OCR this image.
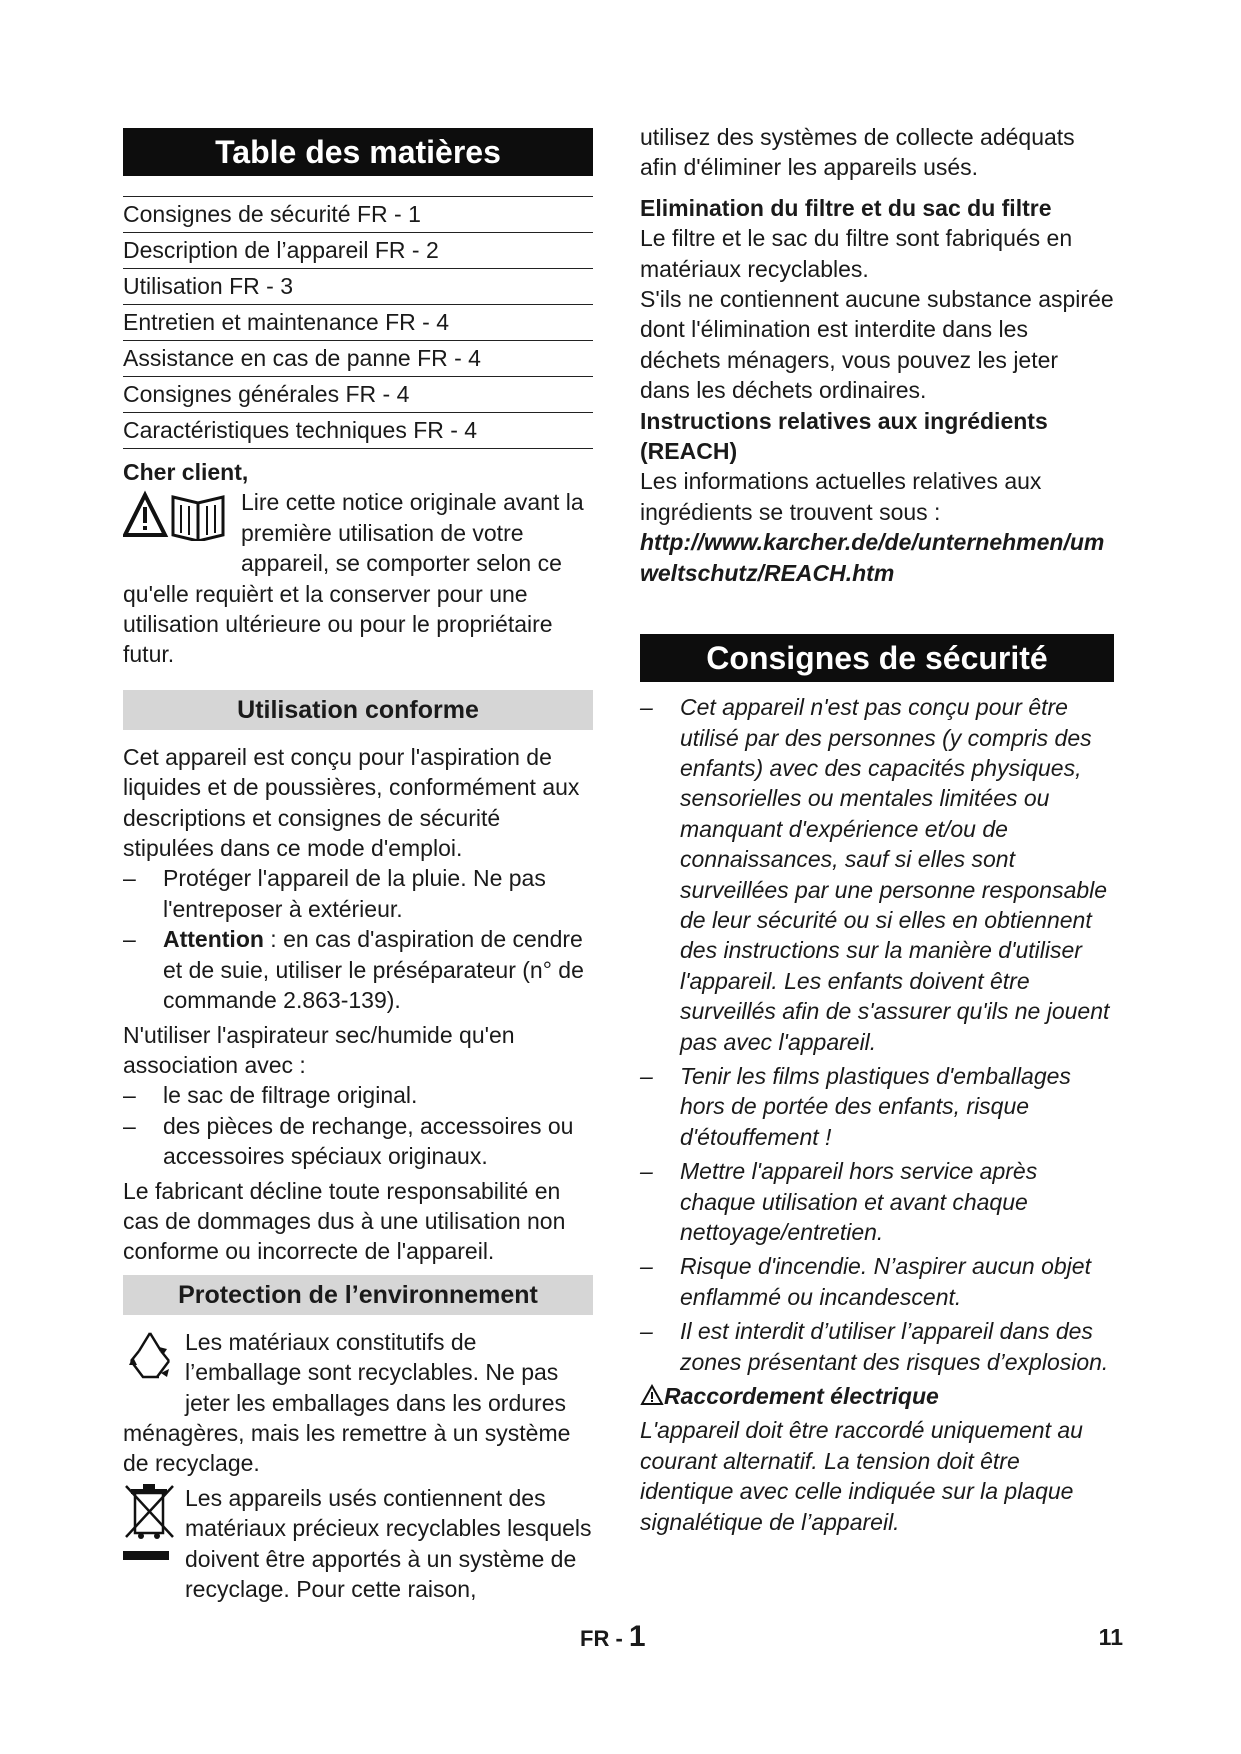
Table des matières
Consignes de sécurité FR - 1
Description de l’appareil FR - 2
Utilisation FR - 3
Entretien et maintenance FR - 4
Assistance en cas de panne FR - 4
Consignes générales FR - 4
Caractéristiques techniques FR - 4

Cher client,

Lire cette notice originale avant la première utilisation de votre appareil, se comporter selon ce qu'elle requièrt et la conserver pour une utilisation ultérieure ou pour le propriétaire futur.
Utilisation conforme

Cet appareil est conçu pour l'aspiration de liquides et de poussières, conformément aux descriptions et consignes de sécurité stipulées dans ce mode d'emploi.

– Protéger l'appareil de la pluie. Ne pas l'entreposer à extérieur.
– Attention : en cas d'aspiration de cendre et de suie, utiliser le préséparateur (n° de commande 2.863-139).

N'utiliser l'aspirateur sec/humide qu'en association avec :

– le sac de filtrage original.
– des pièces de rechange, accessoires ou accessoires spéciaux originaux.

Le fabricant décline toute responsabilité en cas de dommages dus à une utilisation non conforme ou incorrecte de l'appareil.

Protection de l’environnement
Les matériaux constitutifs de l’emballage sont recyclables. Ne pas jeter les emballages dans les ordures ménagères, mais les remettre à un système de recyclage.
Les appareils usés contiennent des matériaux précieux recyclables lesquels doivent être apportés à un système de recyclage. Pour cette raison,

utilisez des systèmes de collecte adéquats afin d'éliminer les appareils usés.

Elimination du filtre et du sac du filtre

Le filtre et le sac du filtre sont fabriqués en matériaux recyclables.

S'ils ne contiennent aucune substance aspirée dont l'élimination est interdite dans les déchets ménagers, vous pouvez les jeter dans les déchets ordinaires.

Instructions relatives aux ingrédients (REACH)

Les informations actuelles relatives aux ingrédients se trouvent sous :

http://www.karcher.de/de/unternehmen/umweltschutz/REACH.htm

Consignes de sécurité
– Cet appareil n'est pas conçu pour être utilisé par des personnes (y compris des enfants) avec des capacités physiques, sensorielles ou mentales limitées ou manquant d'expérience et/ou de connaissances, sauf si elles sont surveillées par une personne responsable de leur sécurité ou si elles en obtiennent des instructions sur la manière d'utiliser l'appareil. Les enfants doivent être surveillés afin de s'assurer qu'ils ne jouent pas avec l'appareil.
– Tenir les films plastiques d'emballages hors de portée des enfants, risque d'étouffement !
– Mettre l'appareil hors service après chaque utilisation et avant chaque nettoyage/entretien.
– Risque d'incendie. N’aspirer aucun objet enflammé ou incandescent.
– Il est interdit d’utiliser l’appareil dans des zones présentant des risques d’explosion.

Raccordement électrique

L'appareil doit être raccordé uniquement au courant alternatif. La tension doit être identique avec celle indiquée sur la plaque signalétique de l’appareil.

FR - 1	11
